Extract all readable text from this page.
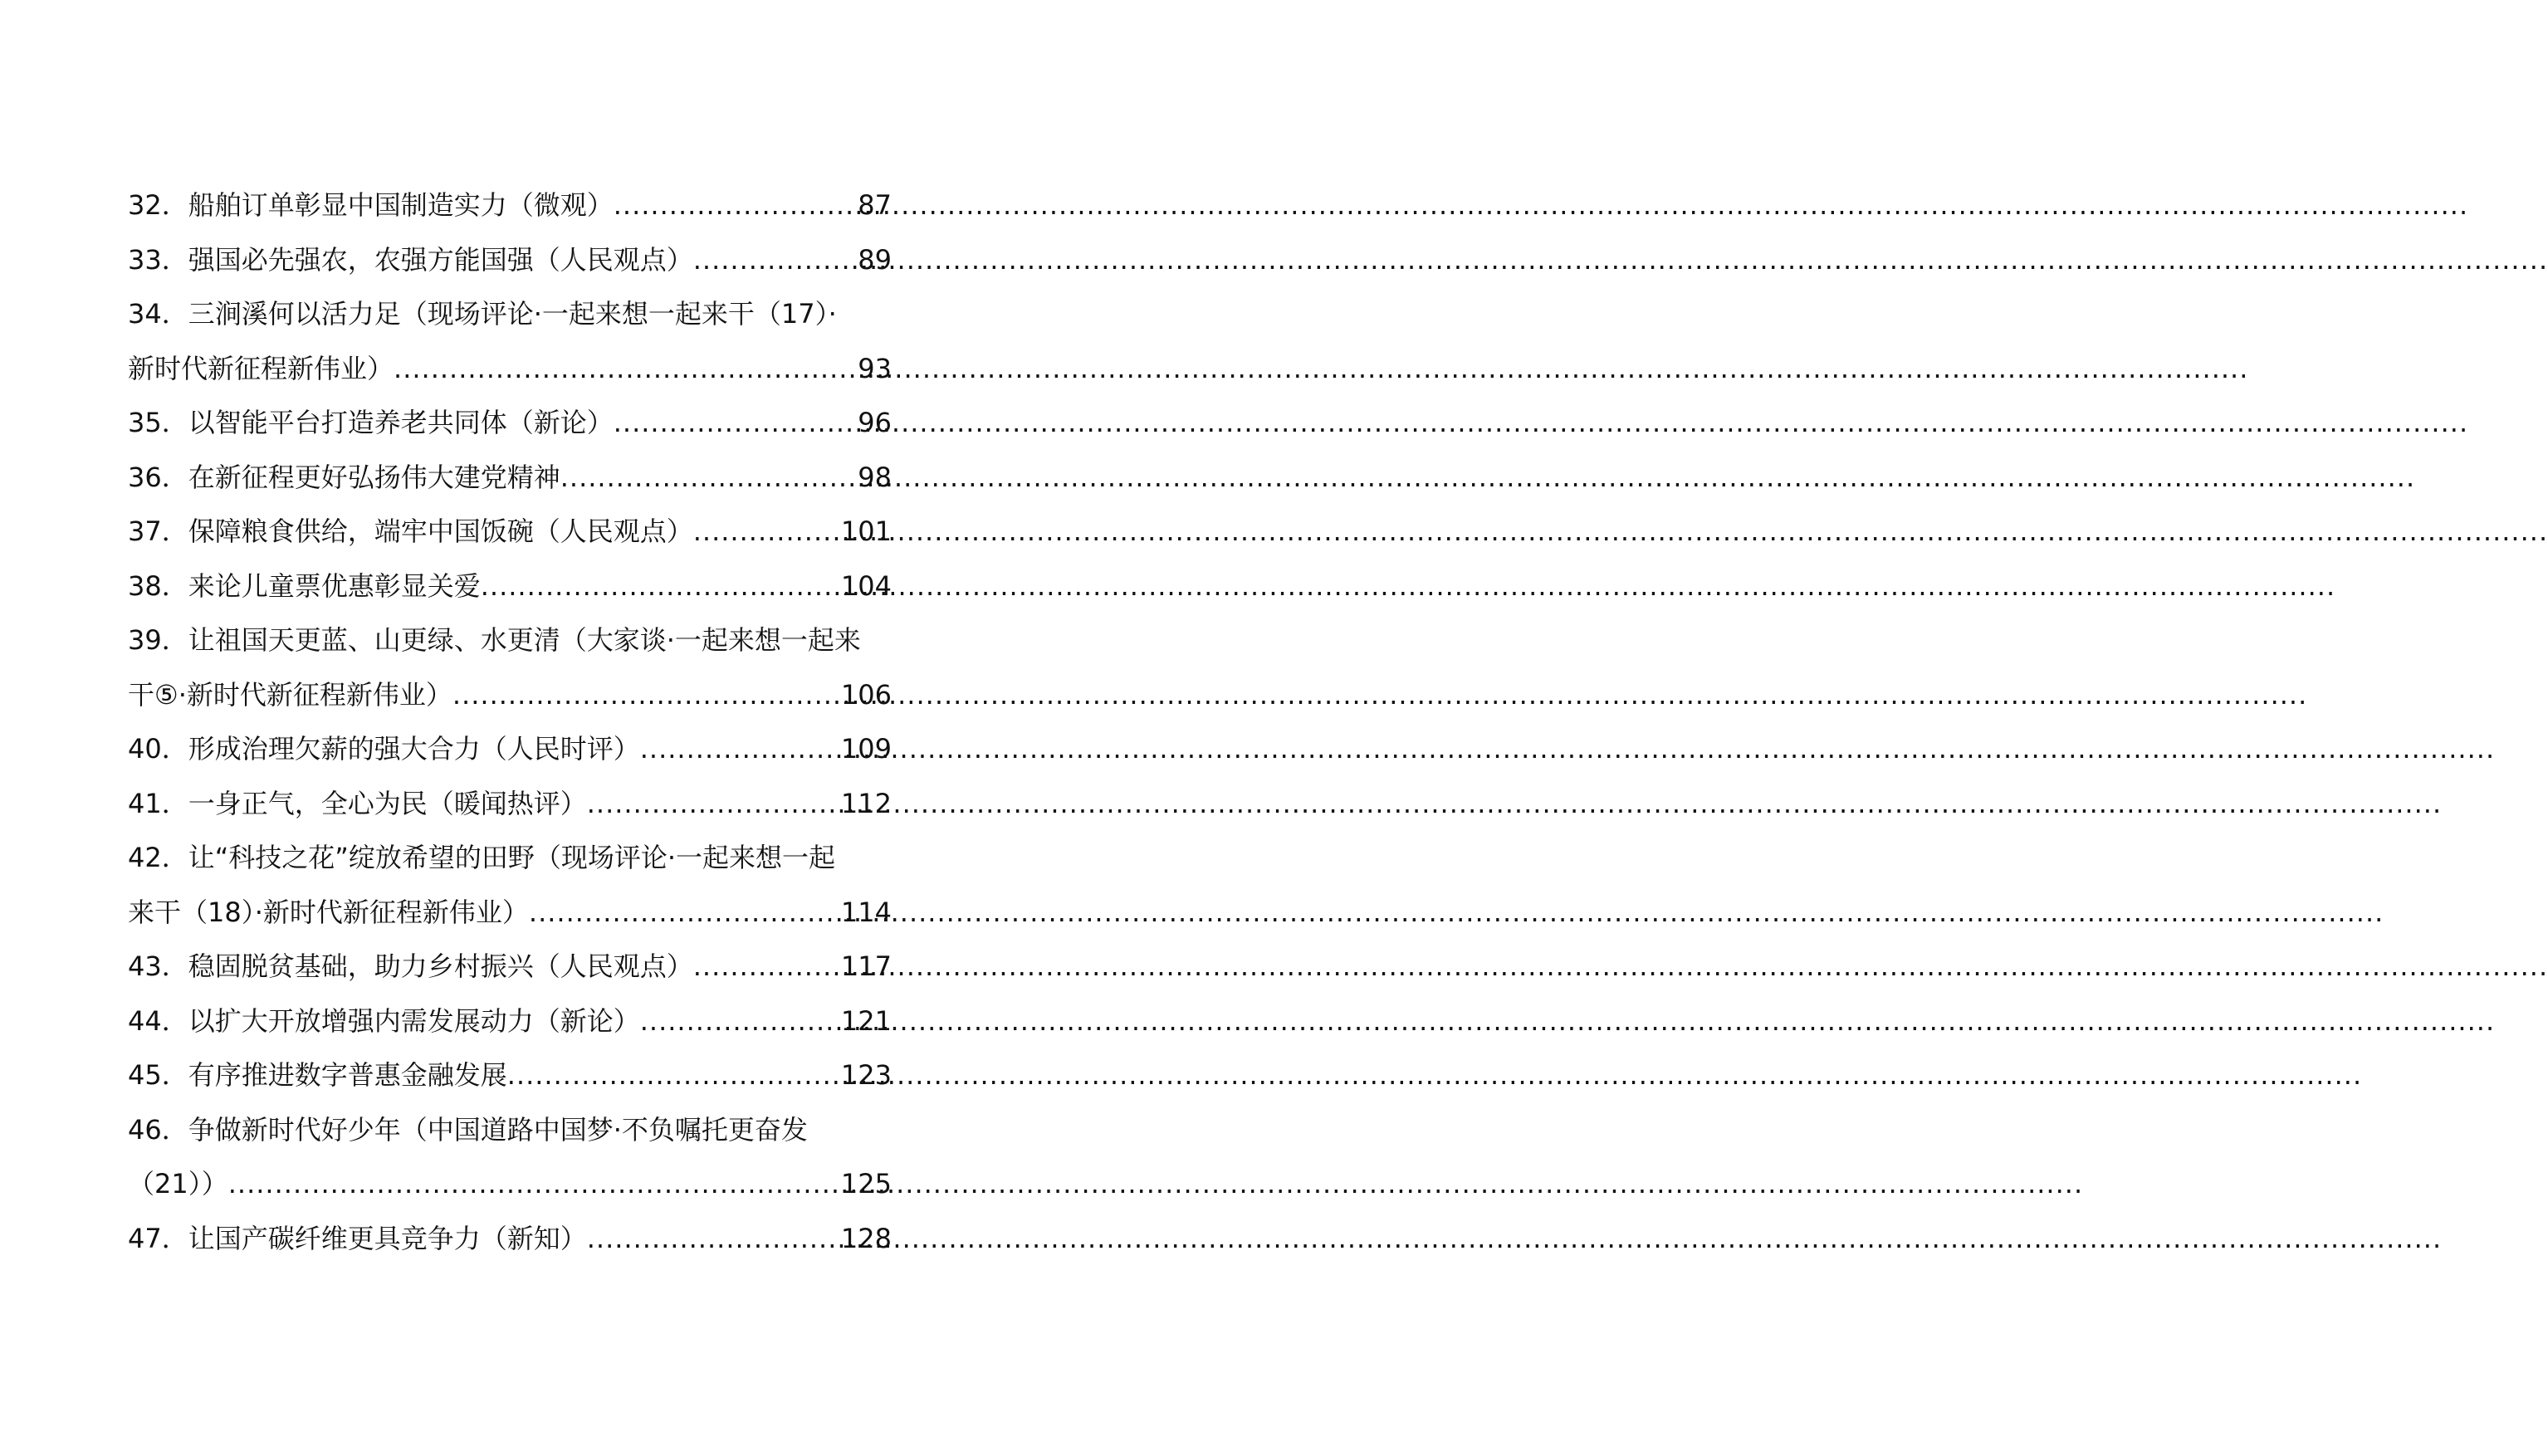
32 ．船舶订单彰显中国制造实力（微观） .....	87
33 ．强国必先强农，农强方能国强（人民观点） .....	89
34 ．三涧溪何以活力足（现场评论·一起来想一起来干（17）·
新时代新征程新伟业） .....	93
35 ．以智能平台打造养老共同体（新论） .....	96
36 ．在新征程更好弘扬伟大建党精神 .....	98
37 ．保障粮食供给，端牢中国饭碗（人民观点） .....	101
38 ．来论儿童票优惠彰显关爱 .....	104
39 ．让祖国天更蓝、山更绿、水更清（大家谈·一起来想一起来
干⑤·新时代新征程新伟业） .....	106
40 ．形成治理欠薪的强大合力（人民时评） .....	109
41 ．一身正气，全心为民（暖闻热评） .....	112
42 ．让“科技之花”绽放希望的田野（现场评论·一起来想一起
来干（18）·新时代新征程新伟业） .....	114
43 ．稳固脱贫基础，助力乡村振兴（人民观点） .....	117
44 ．以扩大开放增强内需发展动力（新论） .....	121
45 ．有序推进数字普惠金融发展 .....	123
46 ．争做新时代好少年（中国道路中国梦·不负嘱托更奋发
（21）） .....	125
47 ．让国产碳纤维更具竞争力（新知） .....	128
